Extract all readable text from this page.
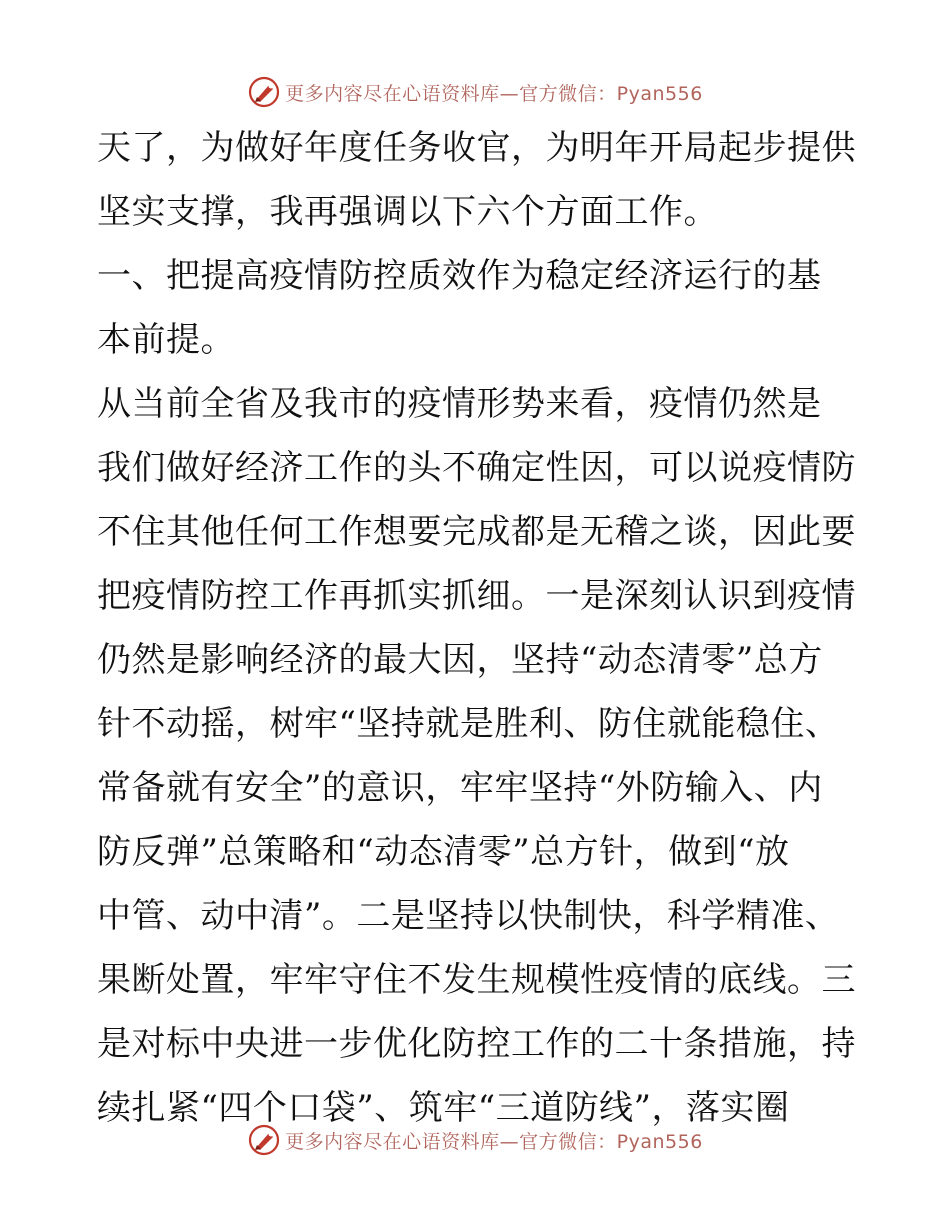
更多内容尽在心语资料库—官方微信：Pyan556
天了，为做好年度任务收官，为明年开局起步提供
坚实支撑，我再强调以下六个方面工作。
一、把提高疫情防控质效作为稳定经济运行的基
本前提。
从当前全省及我市的疫情形势来看，疫情仍然是
我们做好经济工作的头不确定性因，可以说疫情防
不住其他任何工作想要完成都是无稽之谈，因此要
把疫情防控工作再抓实抓细。一是深刻认识到疫情
仍然是影响经济的最大因，坚持“动态清零”总方
针不动摇，树牢“坚持就是胜利、防住就能稳住、
常备就有安全”的意识，牢牢坚持“外防输入、内
防反弹”总策略和“动态清零”总方针，做到“放
中管、动中清”。二是坚持以快制快，科学精准、
果断处置，牢牢守住不发生规模性疫情的底线。三
是对标中央进一步优化防控工作的二十条措施，持
续扎紧“四个口袋”、筑牢“三道防线”，落实圈
更多内容尽在心语资料库—官方微信：Pyan556
